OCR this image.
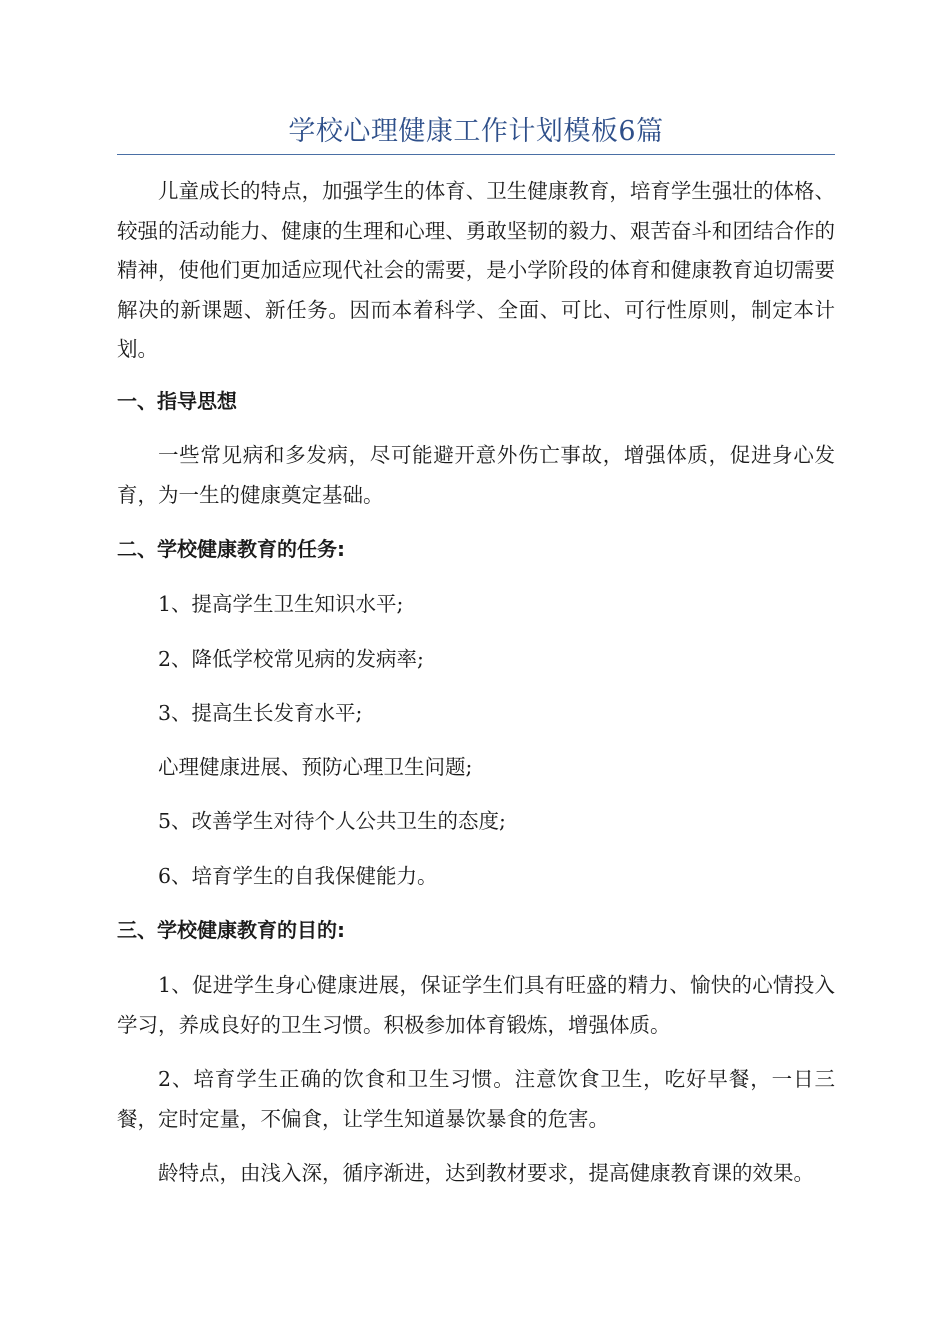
学校心理健康工作计划模板6篇

儿童成长的特点，加强学生的体育、卫生健康教育，培育学生强壮的体格、较强的活动能力、健康的生理和心理、勇敢坚韧的毅力、艰苦奋斗和团结合作的精神，使他们更加适应现代社会的需要，是小学阶段的体育和健康教育迫切需要解决的新课题、新任务。因而本着科学、全面、可比、可行性原则，制定本计划。

一、指导思想

一些常见病和多发病，尽可能避开意外伤亡事故，增强体质，促进身心发育，为一生的健康奠定基础。

二、学校健康教育的任务:

1、提高学生卫生知识水平;

2、降低学校常见病的发病率;

3、提高生长发育水平;

心理健康进展、预防心理卫生问题;

5、改善学生对待个人公共卫生的态度;

6、培育学生的自我保健能力。

三、学校健康教育的目的:

1、促进学生身心健康进展，保证学生们具有旺盛的精力、愉快的心情投入学习，养成良好的卫生习惯。积极参加体育锻炼，增强体质。

2、培育学生正确的饮食和卫生习惯。注意饮食卫生，吃好早餐，一日三餐，定时定量，不偏食，让学生知道暴饮暴食的危害。

龄特点，由浅入深，循序渐进，达到教材要求，提高健康教育课的效果。
